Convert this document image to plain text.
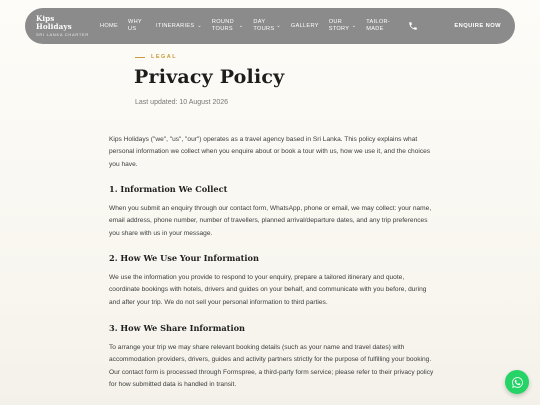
Kips Holidays
SRI LANKA CHARTER
HOME
WHY US
ITINERARIES ⌄
ROUND TOURS
⌄
DAY TOURS
⌄ GALLERY
OUR STORY
⌄
TAILOR-MADE	ENQUIRE NOW
LEGAL
Privacy Policy
Last updated: 10 August 2026

Kips Holidays ("we", "us", "our") operates as a travel agency based in Sri Lanka. This policy explains what personal information we collect when you enquire about or book a tour with us, how we use it, and the choices you have.

1. Information We Collect

When you submit an enquiry through our contact form, WhatsApp, phone or email, we may collect: your name, email address, phone number, number of travellers, planned arrival/departure dates, and any trip preferences you share with us in your message.

2. How We Use Your Information

We use the information you provide to respond to your enquiry, prepare a tailored itinerary and quote, coordinate bookings with hotels, drivers and guides on your behalf, and communicate with you before, during and after your trip. We do not sell your personal information to third parties.

3. How We Share Information

To arrange your trip we may share relevant booking details (such as your name and travel dates) with accommodation providers, drivers, guides and activity partners strictly for the purpose of fulfilling your booking. Our contact form is processed through Formspree, a third-party form service; please refer to their privacy policy for how submitted data is handled in transit.
